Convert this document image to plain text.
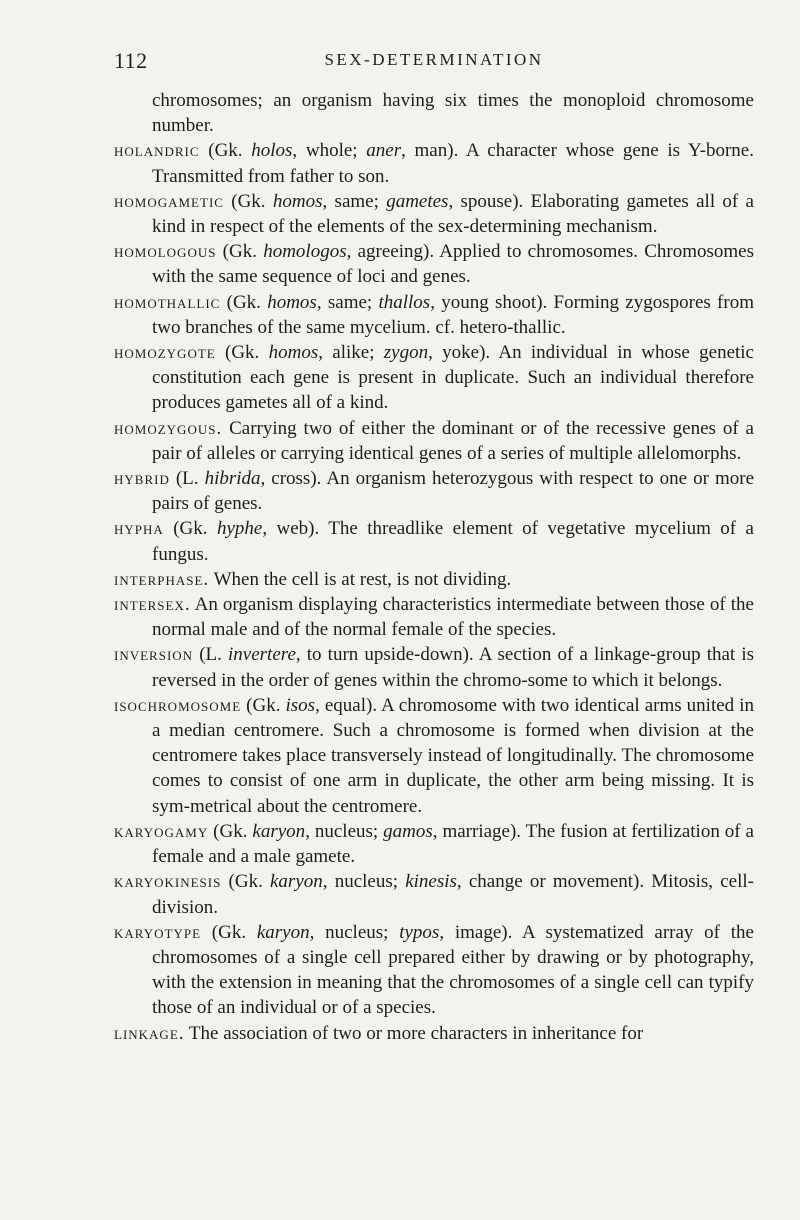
112	SEX-DETERMINATION
chromosomes; an organism having six times the monoploid chromosome number.
holandric (Gk. holos, whole; aner, man). A character whose gene is Y-borne. Transmitted from father to son.
homogametic (Gk. homos, same; gametes, spouse). Elaborating gametes all of a kind in respect of the elements of the sex-determining mechanism.
homologous (Gk. homologos, agreeing). Applied to chromosomes. Chromosomes with the same sequence of loci and genes.
homothallic (Gk. homos, same; thallos, young shoot). Forming zygospores from two branches of the same mycelium. cf. hetero-thallic.
homozygote (Gk. homos, alike; zygon, yoke). An individual in whose genetic constitution each gene is present in duplicate. Such an individual therefore produces gametes all of a kind.
homozygous. Carrying two of either the dominant or of the recessive genes of a pair of alleles or carrying identical genes of a series of multiple allelomorphs.
hybrid (L. hibrida, cross). An organism heterozygous with respect to one or more pairs of genes.
hypha (Gk. hyphe, web). The threadlike element of vegetative mycelium of a fungus.
interphase. When the cell is at rest, is not dividing.
intersex. An organism displaying characteristics intermediate between those of the normal male and of the normal female of the species.
inversion (L. invertere, to turn upside-down). A section of a linkage-group that is reversed in the order of genes within the chromo-some to which it belongs.
isochromosome (Gk. isos, equal). A chromosome with two identical arms united in a median centromere. Such a chromosome is formed when division at the centromere takes place transversely instead of longitudinally. The chromosome comes to consist of one arm in duplicate, the other arm being missing. It is sym-metrical about the centromere.
karyogamy (Gk. karyon, nucleus; gamos, marriage). The fusion at fertilization of a female and a male gamete.
karyokinesis (Gk. karyon, nucleus; kinesis, change or movement). Mitosis, cell-division.
karyotype (Gk. karyon, nucleus; typos, image). A systematized array of the chromosomes of a single cell prepared either by drawing or by photography, with the extension in meaning that the chromosomes of a single cell can typify those of an individual or of a species.
linkage. The association of two or more characters in inheritance for
